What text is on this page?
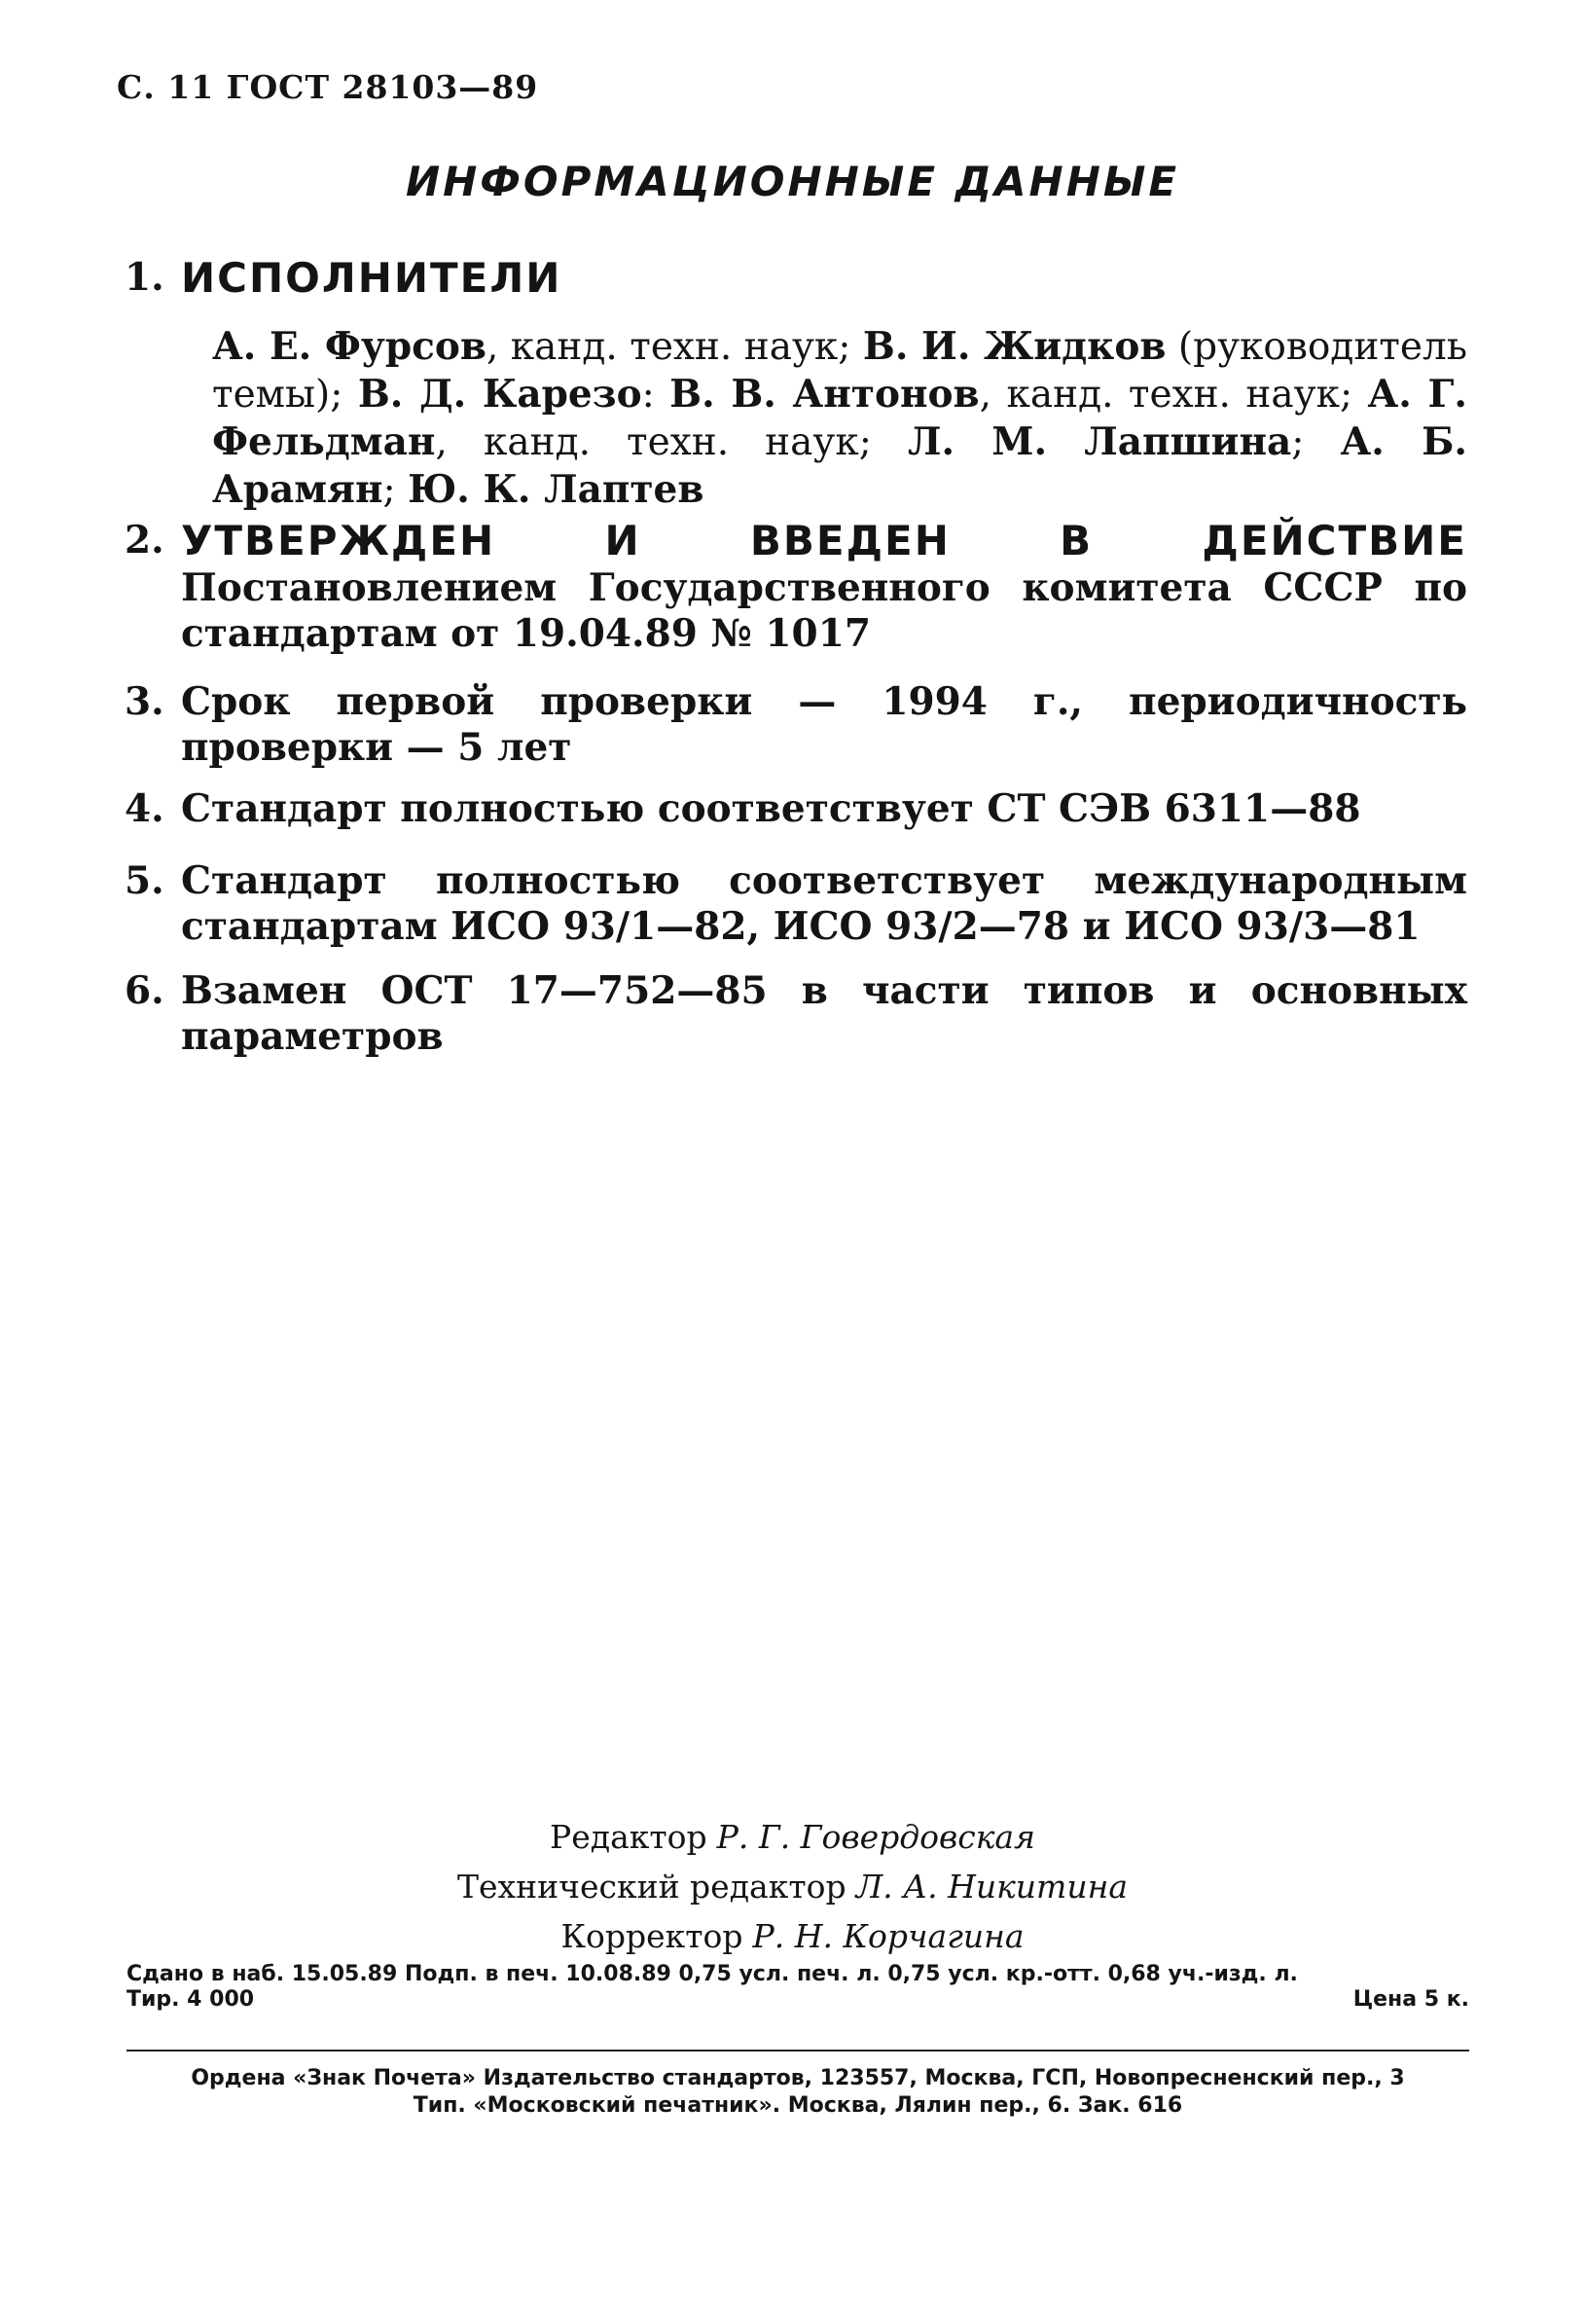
С. 11 ГОСТ 28103—89
ИНФОРМАЦИОННЫЕ ДАННЫЕ
1. ИСПОЛНИТЕЛИ
А. Е. Фурсов, канд. техн. наук; В. И. Жидков (руководитель темы); В. Д. Карезо: В. В. Антонов, канд. техн. наук; А. Г. Фельдман, канд. техн. наук; Л. М. Лапшина; А. Б. Арамян; Ю. К. Лаптев
2. УТВЕРЖДЕН И ВВЕДЕН В ДЕЙСТВИЕ Постановлением Государственного комитета СССР по стандартам от 19.04.89 № 1017
3. Срок первой проверки — 1994 г., периодичность проверки — 5 лет
4. Стандарт полностью соответствует СТ СЭВ 6311—88
5. Стандарт полностью соответствует международным стандартам ИСО 93/1—82, ИСО 93/2—78 и ИСО 93/3—81
6. Взамен ОСТ 17—752—85 в части типов и основных параметров
Редактор Р. Г. Говердовская
Технический редактор Л. А. Никитина
Корректор Р. Н. Корчагина
Сдано в наб. 15.05.89 Подп. в печ. 10.08.89 0,75 усл. печ. л. 0,75 усл. кр.-отт. 0,68 уч.-изд. л.
Тир. 4 000	Цена 5 к.
Ордена «Знак Почета» Издательство стандартов, 123557, Москва, ГСП, Новопресненский пер., 3
Тип. «Московский печатник». Москва, Лялин пер., 6. Зак. 616
